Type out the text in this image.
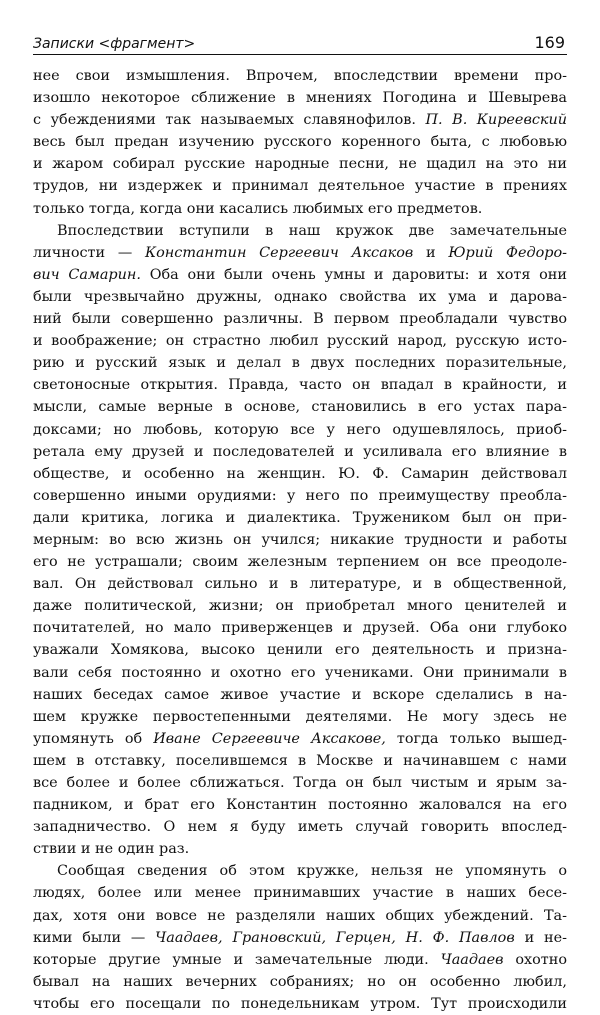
Записки <фрагмент>	169
нее свои измышления. Впрочем, впоследствии времени про-
изошло некоторое сближение в мнениях Погодина и Шевырева
с убеждениями так называемых славянофилов. П. В. Киреевский
весь был предан изучению русского коренного быта, с любовью
и жаром собирал русские народные песни, не щадил на это ни
трудов, ни издержек и принимал деятельное участие в прениях
только тогда, когда они касались любимых его предметов.
Впоследствии вступили в наш кружок две замечательные
личности — Константин Сергеевич Аксаков и Юрий Федоро-
вич Самарин. Оба они были очень умны и даровиты: и хотя они
были чрезвычайно дружны, однако свойства их ума и дарова-
ний были совершенно различны. В первом преобладали чувство
и воображение; он страстно любил русский народ, русскую исто-
рию и русский язык и делал в двух последних поразительные,
светоносные открытия. Правда, часто он впадал в крайности, и
мысли, самые верные в основе, становились в его устах пара-
доксами; но любовь, которую все у него одушевлялось, приоб-
ретала ему друзей и последователей и усиливала его влияние в
обществе, и особенно на женщин. Ю. Ф. Самарин действовал
совершенно иными орудиями: у него по преимуществу преобла-
дали критика, логика и диалектика. Тружеником был он при-
мерным: во всю жизнь он учился; никакие трудности и работы
его не устрашали; своим железным терпением он все преодоле-
вал. Он действовал сильно и в литературе, и в общественной,
даже политической, жизни; он приобретал много ценителей и
почитателей, но мало приверженцев и друзей. Оба они глубоко
уважали Хомякова, высоко ценили его деятельность и призна-
вали себя постоянно и охотно его учениками. Они принимали в
наших беседах самое живое участие и вскоре сделались в на-
шем кружке первостепенными деятелями. Не могу здесь не
упомянуть об Иване Сергеевиче Аксакове, тогда только вышед-
шем в отставку, поселившемся в Москве и начинавшем с нами
все более и более сближаться. Тогда он был чистым и ярым за-
падником, и брат его Константин постоянно жаловался на его
западничество. О нем я буду иметь случай говорить впослед-
ствии и не один раз.
Сообщая сведения об этом кружке, нельзя не упомянуть о
людях, более или менее принимавших участие в наших бесе-
дах, хотя они вовсе не разделяли наших общих убеждений. Та-
кими были — Чаадаев, Грановский, Герцен, Н. Ф. Павлов и не-
которые другие умные и замечательные люди. Чаадаев охотно
бывал на наших вечерних собраниях; но он особенно любил,
чтобы его посещали по понедельникам утром. Тут происходили
